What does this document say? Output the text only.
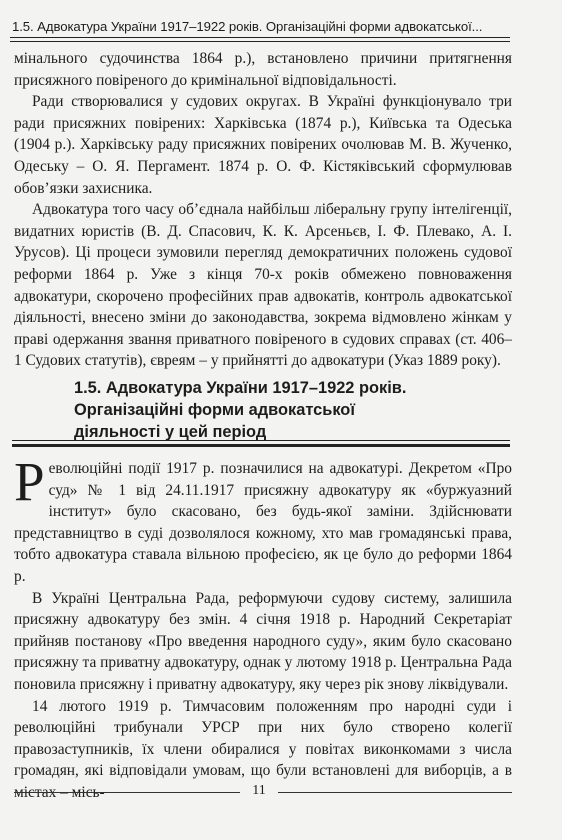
1.5. Адвокатура України 1917–1922 років. Організаційні форми адвокатської...

мінального судочинства 1864 р.), встановлено причини притягнення присяжного повіреного до кримінальної відповідальності.

Ради створювалися у судових округах. В Україні функціонувало три ради присяжних повірених: Харківська (1874 р.), Київська та Одеська (1904 р.). Харківську раду присяжних повірених очолював М. В. Жученко, Одеську – О. Я. Пергамент. 1874 р. О. Ф. Кістяківський сформулював обов’язки захисника.

Адвокатура того часу об’єднала найбільш ліберальну групу інтелігенції, видатних юристів (В. Д. Спасович, К. К. Арсеньєв, І. Ф. Плевако, А. І. Урусов). Ці процеси зумовили перегляд демократичних положень судової реформи 1864 р. Уже з кінця 70-х років обмежено повноваження адвокатури, скорочено професійних прав адвокатів, контроль адвокатської діяльності, внесено зміни до законодавства, зокрема відмовлено жінкам у праві одержання звання приватного повіреного в судових справах (ст. 406–1 Судових статутів), євреям – у прийнятті до адвокатури (Указ 1889 року).

1.5. Адвокатура України 1917–1922 років.
Організаційні форми адвокатської
діяльності у цей період

Революційні події 1917 р. позначилися на адвокатурі. Декретом «Про суд» № 1 від 24.11.1917 присяжну адвокатуру як «буржуазний інститут» було скасовано, без будь-якої заміни. Здійснювати представництво в суді дозволялося кожному, хто мав громадянські права, тобто адвокатура ставала вільною професією, як це було до реформи 1864 р.

В Україні Центральна Рада, реформуючи судову систему, залишила присяжну адвокатуру без змін. 4 січня 1918 р. Народний Секретаріат прийняв постанову «Про введення народного суду», яким було скасовано присяжну та приватну адвокатуру, однак у лютому 1918 р. Центральна Рада поновила присяжну і приватну адвокатуру, яку через рік знову ліквідували.

14 лютого 1919 р. Тимчасовим положенням про народні суди і революційні трибунали УРСР при них було створено колегії правозаступників, їх члени обиралися у повітах виконкомами з числа громадян, які відповідали умовам, що були встановлені для виборців, а в містах – місь-	11
